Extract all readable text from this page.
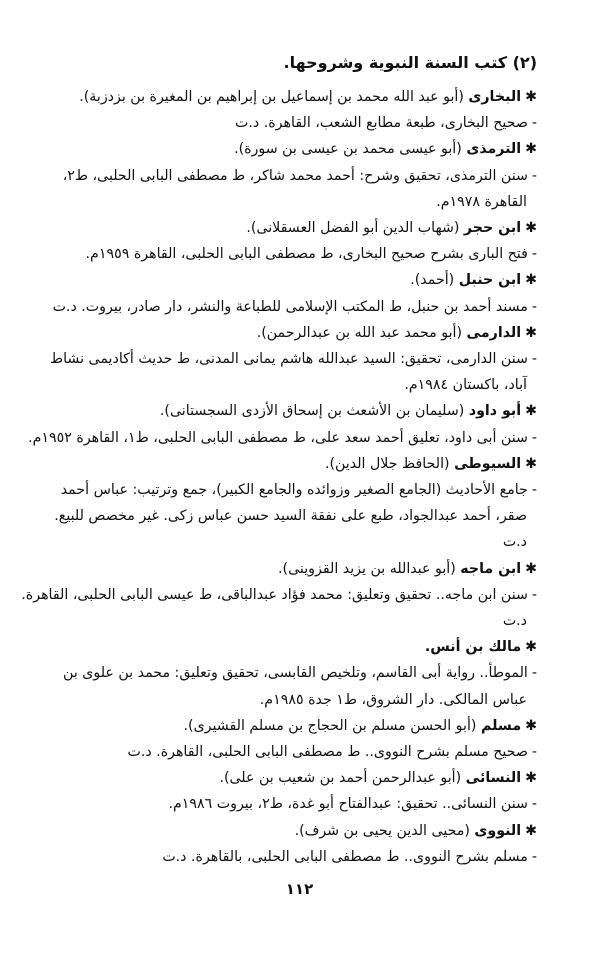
(٢) كتب السنة النبوية وشروحها.
✱البخارى (أبو عبد الله محمد بن إسماعيل بن إبراهيم بن المغيرة بن بزدزبة).
-صحيح البخارى، طبعة مطابع الشعب، القاهرة. د.ت
✱الترمذى (أبو عيسى محمد بن عيسى بن سورة).
-سنن الترمذى، تحقيق وشرح: أحمد محمد شاكر، ط مصطفى البابى الحلبى، ط٢،
القاهرة ١٩٧٨م.
✱ابن حجر (شهاب الدين أبو الفضل العسقلانى).
-فتح البارى بشرح صحيح البخارى، ط مصطفى البابى الحلبى، القاهرة ١٩٥٩م.
✱ابن حنبل (أحمد).
-مسند أحمد بن حنبل، ط المكتب الإسلامى للطباعة والنشر، دار صادر، بيروت. د.ت
✱الدارمى (أبو محمد عبد الله بن عبدالرحمن).
-سنن الدارمى، تحقيق: السيد عبدالله هاشم يمانى المدنى، ط حديث أكاديمى نشاط
آباد، باكستان ١٩٨٤م.
✱أبو داود (سليمان بن الأشعث بن إسحاق الأزدى السجستانى).
-سنن أبى داود، تعليق أحمد سعد على، ط مصطفى البابى الحلبى، ط١، القاهرة ١٩٥٢م.
✱السيوطى (الحافظ جلال الدين).
-جامع الأحاديث (الجامع الصغير وزوائده والجامع الكبير)، جمع وترتيب: عباس أحمد
صقر، أحمد عبدالجواد، طبع على نفقة السيد حسن عباس زكى. غير مخصص للبيع.
د.ت
✱ابن ماجه (أبو عبدالله بن يزيد القزوينى).
-سنن ابن ماجه.. تحقيق وتعليق: محمد فؤاد عبدالباقى، ط عيسى البابى الحلبى، القاهرة.
د.ت
✱مالك بن أنس.
-الموطأ.. رواية أبى القاسم، وتلخيص القابسى، تحقيق وتعليق: محمد بن علوى بن
عباس المالكى. دار الشروق، ط١ جدة ١٩٨٥م.
✱مسلم (أبو الحسن مسلم بن الحجاج بن مسلم القشيرى).
-صحيح مسلم بشرح النووى.. ط مصطفى البابى الحلبى، القاهرة. د.ت
✱النسائى (أبو عبدالرحمن أحمد بن شعيب بن على).
-سنن النسائى.. تحقيق: عبدالفتاح أبو غدة، ط٢، بيروت ١٩٨٦م.
✱النووى (محيى الدين يحيى بن شرف).
-مسلم بشرح النووى.. ط مصطفى البابى الحلبى، بالقاهرة. د.ت
١١٢
